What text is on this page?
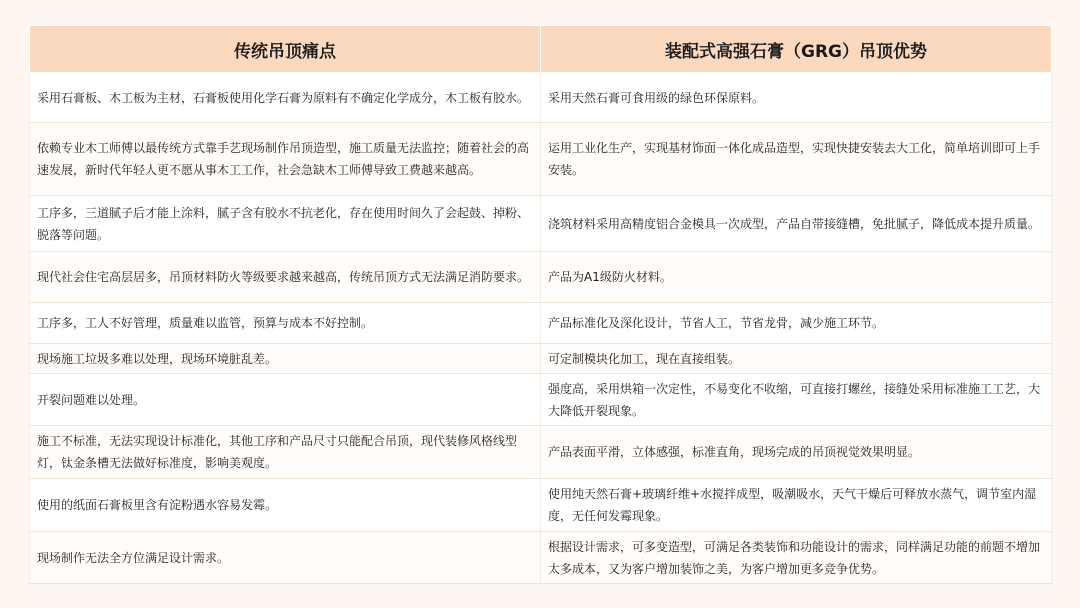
传统吊顶痛点	装配式高强石膏（GRG）吊顶优势
采用石膏板、木工板为主材，石膏板使用化学石膏为原料有不确定化学成分，木工板有胶水。	采用天然石膏可食用级的绿色环保原料。
依赖专业木工师傅以最传统方式靠手艺现场制作吊顶造型，施工质量无法监控；随着社会的高速发展，新时代年轻人更不愿从事木工工作，社会急缺木工师傅导致工费越来越高。	运用工业化生产，实现基材饰面一体化成品造型，实现快捷安装去大工化，简单培训即可上手安装。
工序多，三道腻子后才能上涂料，腻子含有胶水不抗老化，存在使用时间久了会起鼓、掉粉、脱落等问题。	浇筑材料采用高精度铝合金模具一次成型，产品自带接缝槽，免批腻子，降低成本提升质量。
现代社会住宅高层居多，吊顶材料防火等级要求越来越高，传统吊顶方式无法满足消防要求。	产品为A1级防火材料。
工序多，工人不好管理，质量难以监管，预算与成本不好控制。	产品标准化及深化设计，节省人工，节省龙骨，减少施工环节。
现场施工垃圾多难以处理，现场环境脏乱差。	可定制模块化加工，现在直接组装。
开裂问题难以处理。	强度高，采用烘箱一次定性，不易变化不收缩，可直接打螺丝，接缝处采用标准施工工艺，大大降低开裂现象。
施工不标准，无法实现设计标准化，其他工序和产品尺寸只能配合吊顶，现代装修风格线型灯，钛金条槽无法做好标准度，影响美观度。	产品表面平滑，立体感强，标准直角，现场完成的吊顶视觉效果明显。
使用的纸面石膏板里含有淀粉遇水容易发霉。	使用纯天然石膏+玻璃纤维+水搅拌成型，吸潮吸水，天气干燥后可释放水蒸气，调节室内湿度，无任何发霉现象。
现场制作无法全方位满足设计需求。	根据设计需求，可多变造型，可满足各类装饰和功能设计的需求，同样满足功能的前题不增加太多成本，又为客户增加装饰之美，为客户增加更多竞争优势。
